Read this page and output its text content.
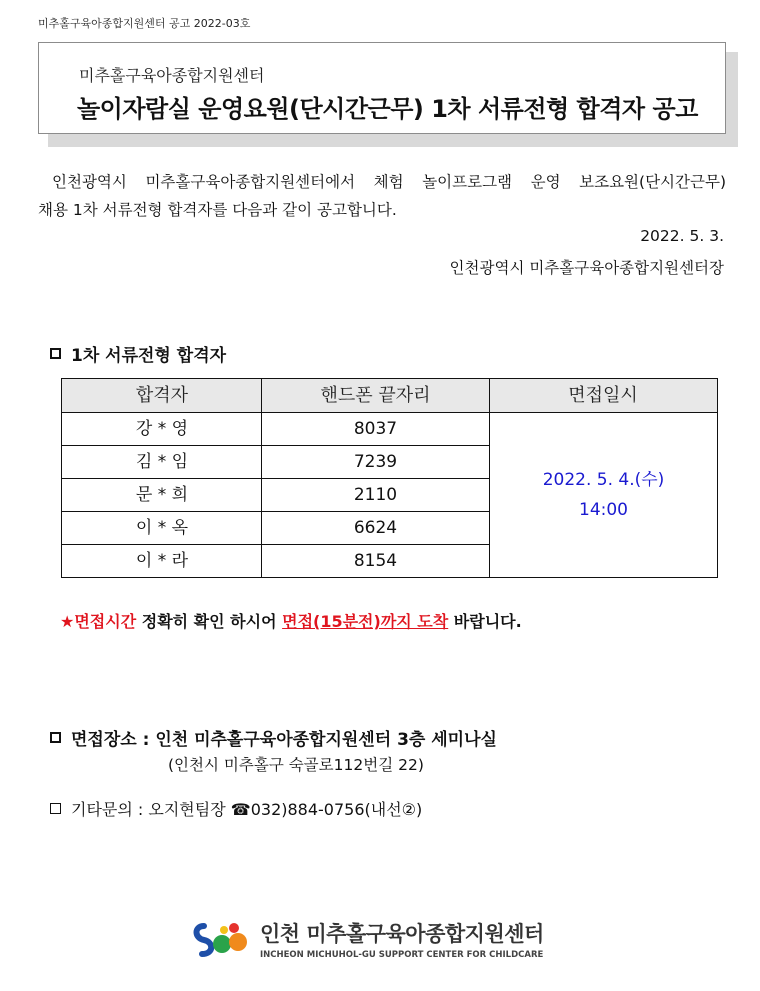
미추홀구육아종합지원센터 공고 2022-03호
미추홀구육아종합지원센터
놀이자람실 운영요원(단시간근무) 1차 서류전형 합격자 공고
인천광역시 미추홀구육아종합지원센터에서 체험 놀이프로그램 운영 보조요원(단시간근무)
채용 1차 서류전형 합격자를 다음과 같이 공고합니다.
2022. 5. 3.
인천광역시 미추홀구육아종합지원센터장
1차 서류전형 합격자
합격자	핸드폰 끝자리	면접일시
강 * 영	8037
김 * 임	7239
문 * 희	2110
이 * 옥	6624
이 * 라	8154
2022. 5. 4.(수)
14:00
★면접시간 정확히 확인 하시어 면접(15분전)까지 도착 바랍니다.
면접장소 : 인천 미추홀구육아종합지원센터 3층 세미나실
(인천시 미추홀구 숙골로112번길 22)
기타문의 : 오지현팀장 ☎032)884-0756(내선②)
인천 미추홀구육아종합지원센터
INCHEON MICHUHOL-GU SUPPORT CENTER FOR CHILDCARE
